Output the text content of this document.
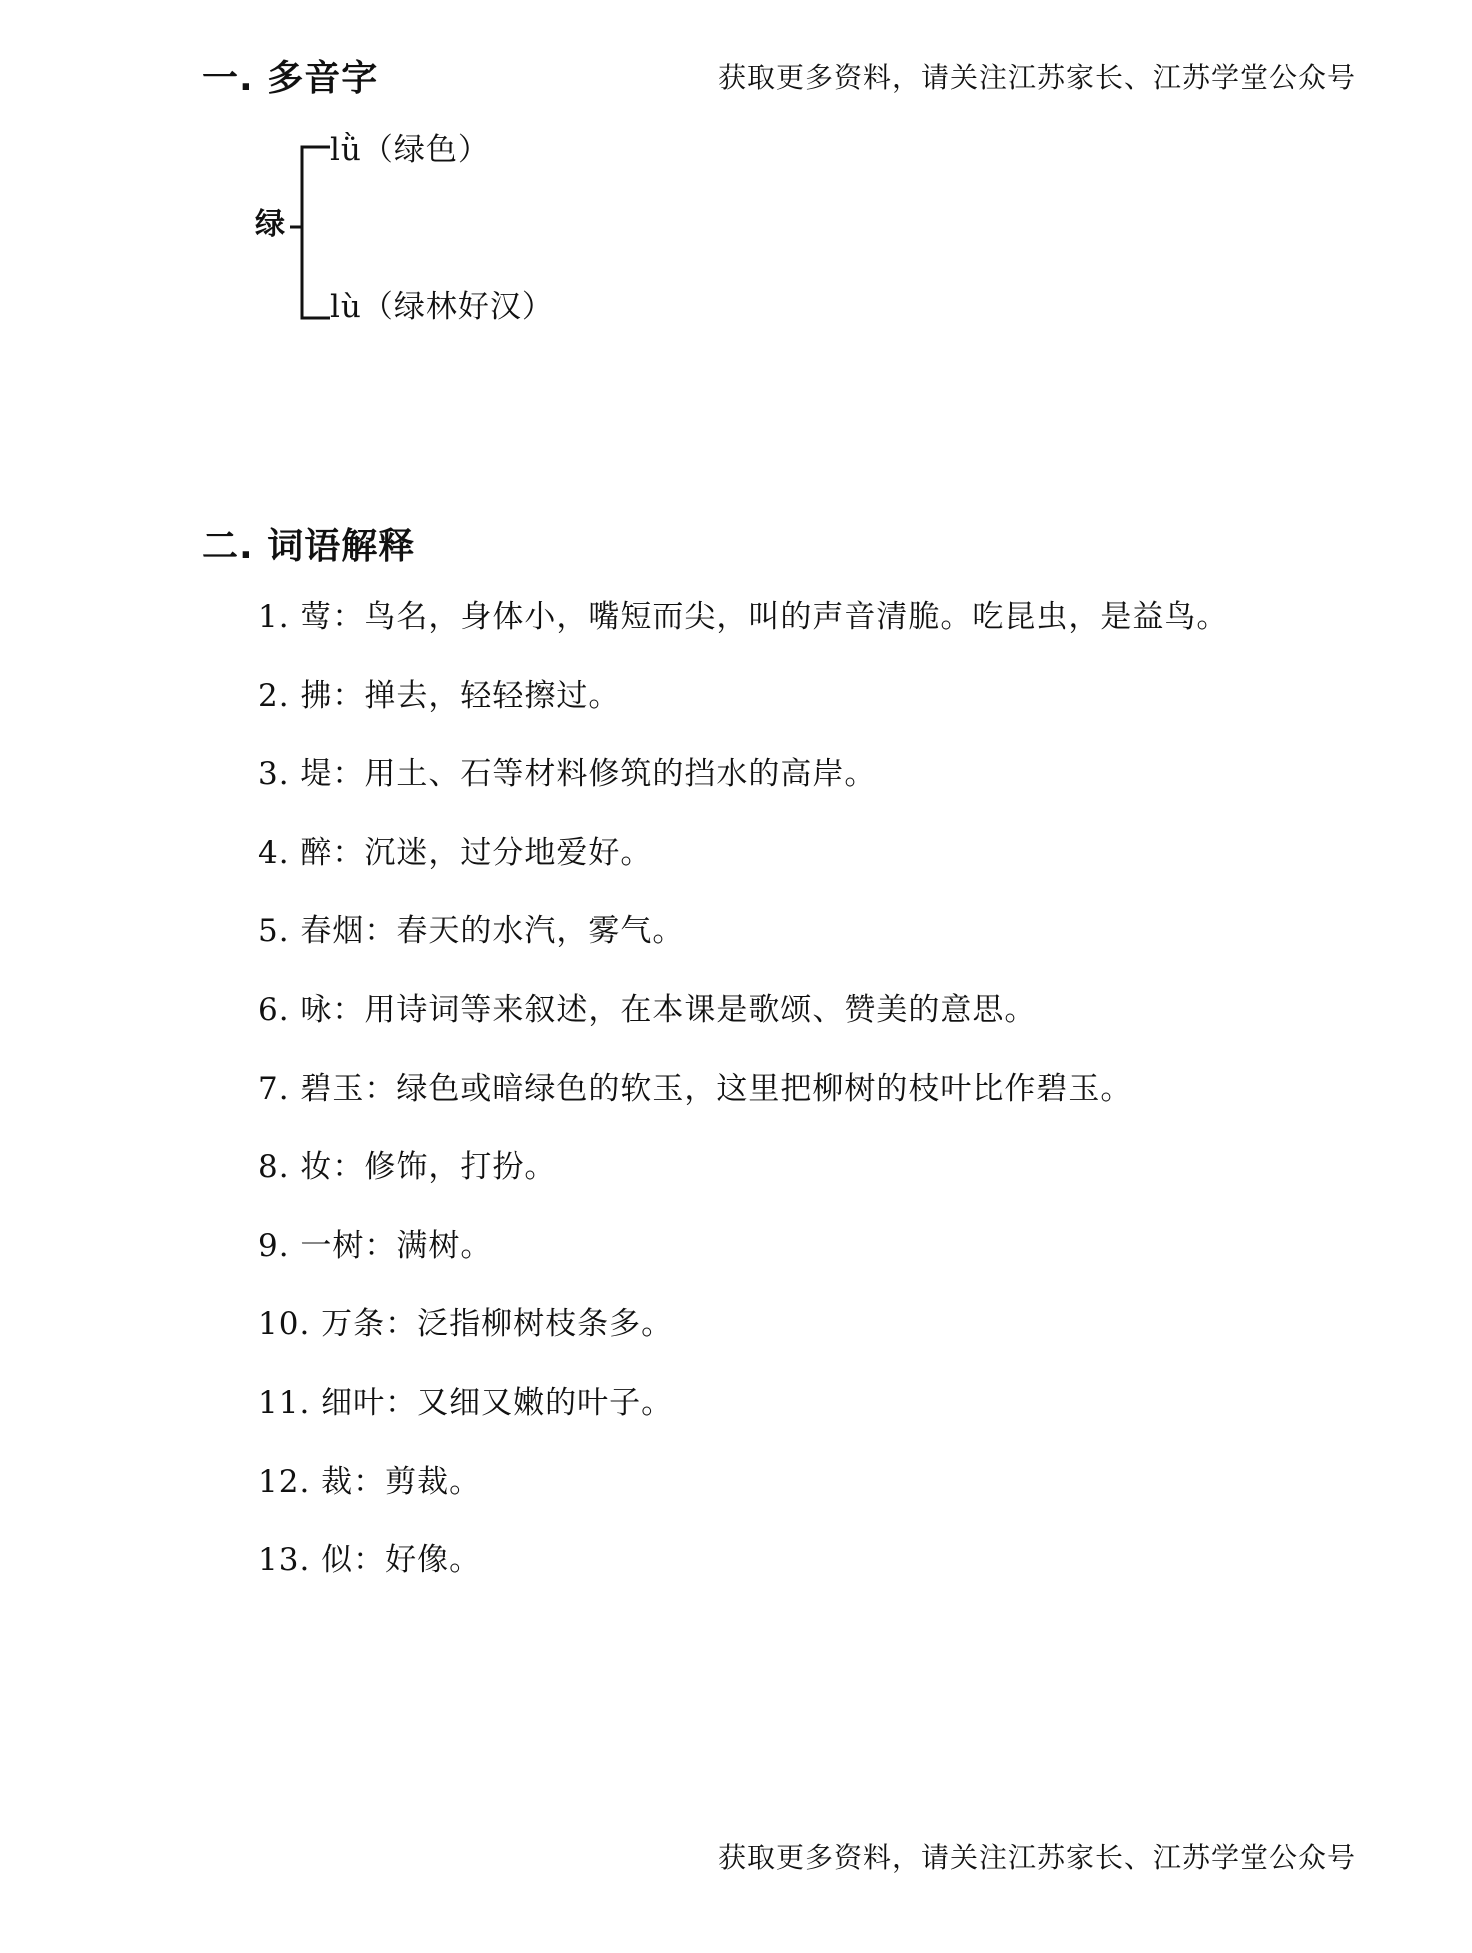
获取更多资料，请关注江苏家长、江苏学堂公众号
一. 多音字
绿
lǜ（绿色）
lù（绿林好汉）
二. 词语解释
1. 莺：鸟名，身体小，嘴短而尖，叫的声音清脆。吃昆虫，是益鸟。
2. 拂：掸去，轻轻擦过。
3. 堤：用土、石等材料修筑的挡水的高岸。
4. 醉：沉迷，过分地爱好。
5. 春烟：春天的水汽，雾气。
6. 咏：用诗词等来叙述，在本课是歌颂、赞美的意思。
7. 碧玉：绿色或暗绿色的软玉，这里把柳树的枝叶比作碧玉。
8. 妆：修饰，打扮。
9. 一树：满树。
10. 万条：泛指柳树枝条多。
11. 细叶：又细又嫩的叶子。
12. 裁：剪裁。
13. 似：好像。
获取更多资料，请关注江苏家长、江苏学堂公众号
